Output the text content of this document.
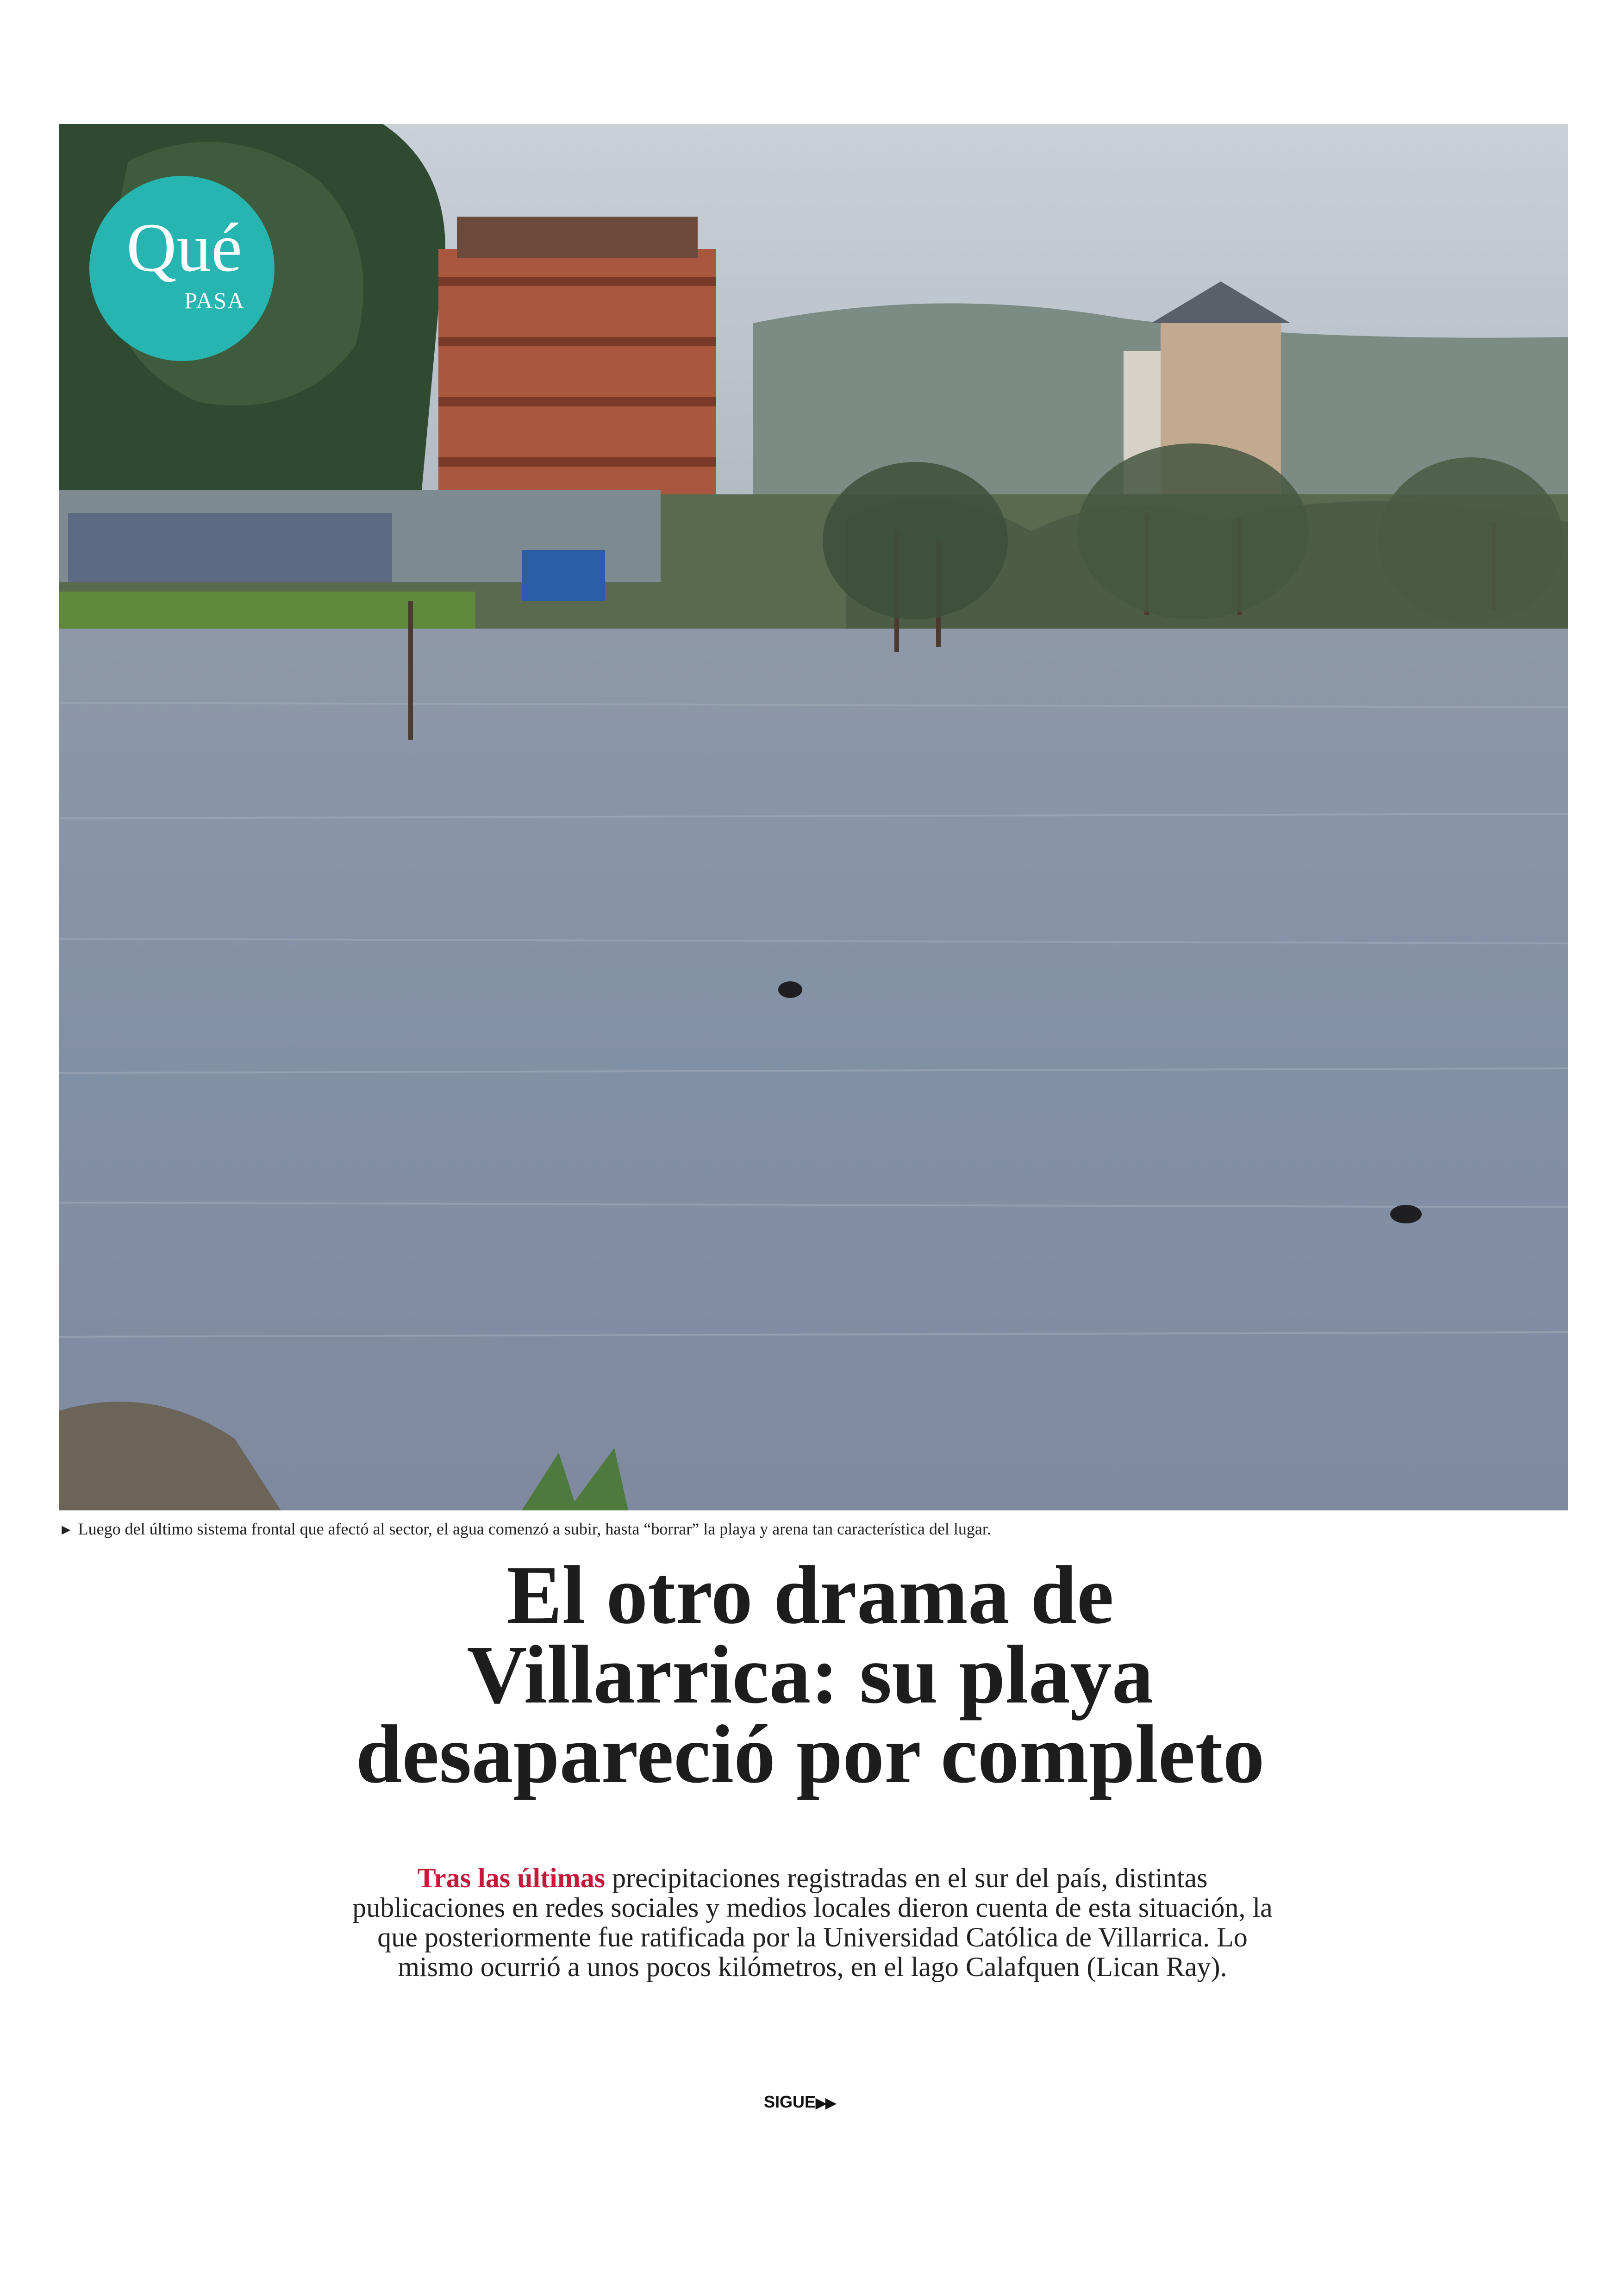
Qué
PASA
► Luego del último sistema frontal que afectó al sector, el agua comenzó a subir, hasta “borrar” la playa y arena tan característica del lugar.
El otro drama de
Villarrica: su playa
desapareció por completo
Tras las últimas precipitaciones registradas en el sur del país, distintas
publicaciones en redes sociales y medios locales dieron cuenta de esta situación, la
que posteriormente fue ratificada por la Universidad Católica de Villarrica. Lo
mismo ocurrió a unos pocos kilómetros, en el lago Calafquen (Lican Ray).
SIGUE▶▶
